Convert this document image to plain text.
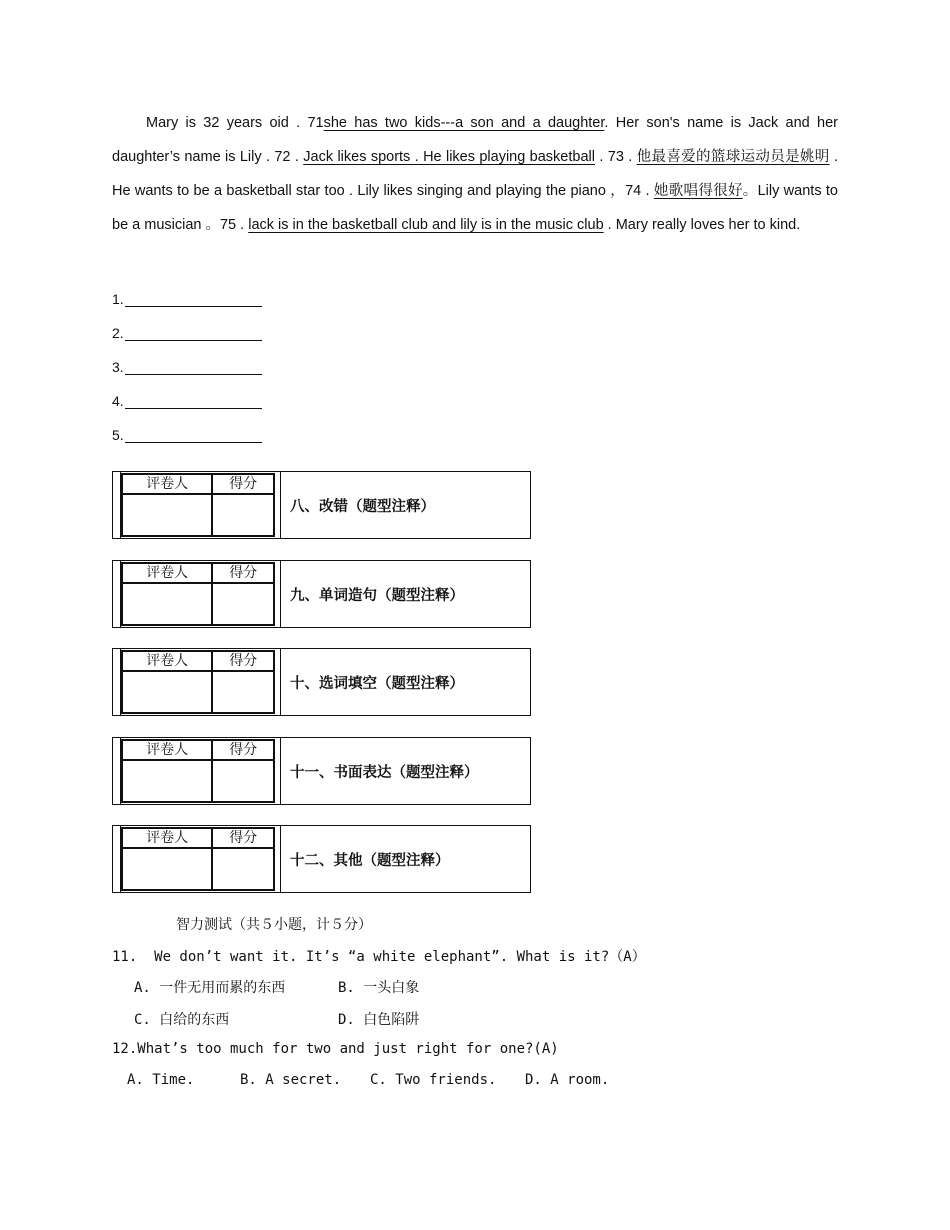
Mary is 32 years oid . 71she has two kids---a son and a daughter. Her son's name is Jack and her daughter’s name is Lily . 72 . Jack likes sports . He likes playing basketball . 73 . 他最喜爱的篮球运动员是姚明 . He wants to be a basketball star too . Lily likes singing and playing the piano ，74 . 她歌唱得很好。Lily wants to be a musician 。75 . lack is in the basketball club and lily is in the music club . Mary really loves her to kind.
1.
2.
3.
4.
5.
评卷人	得分

八、改错（题型注释）
评卷人	得分

九、单词造句（题型注释）
评卷人	得分

十、选词填空（题型注释）
评卷人	得分

十一、书面表达（题型注释）
评卷人	得分

十二、其他（题型注释）
智力测试（共５小题，计５分）
11.  We don’t want it. It’s “a white elephant”. What is it?（A）
A. 一件无用而累的东西	B. 一头白象
C. 白给的东西	D. 白色陷阱
12.What’s too much for two and just right for one?(A)
A. Time.	B. A secret. C. Two friends. D. A room.
